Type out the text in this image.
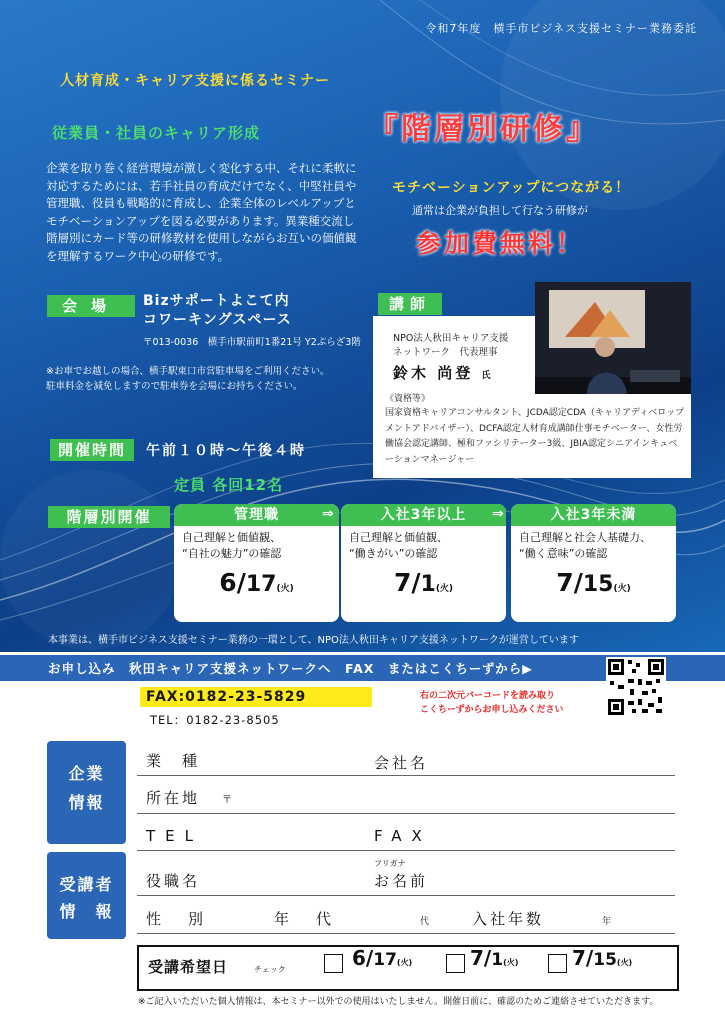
令和7年度　横手市ビジネス支援セミナー業務委託
人材育成・キャリア支援に係るセミナー
従業員・社員のキャリア形成	『階層別研修』
企業を取り巻く経営環境が激しく変化する中、それに柔軟に対応するためには、若手社員の育成だけでなく、中堅社員や管理職、役員も戦略的に育成し、企業全体のレベルアップとモチベーションアップを図る必要があります。異業種交流し階層別にカード等の研修教材を使用しながらお互いの価値観を理解するワーク中心の研修です。
モチベーションアップにつながる！
通常は企業が負担して行なう研修が
参加費無料！
会場	Bizサポートよこて内
コワーキングスペース
〒013-0036　横手市駅前町1番21号 Y2ぷらざ3階
※お車でお越しの場合、横手駅東口市営駐車場をご利用ください。
駐車料金を減免しますので駐車券を会場にお持ちください。
講師
NPO法人秋田キャリア支援
ネットワーク　代表理事
鈴木 尚登 氏
《資格等》
国家資格キャリアコンサルタント、JCDA認定CDA（キャリアディベロップメントアドバイザー）、DCFA認定人材育成講師仕事モチベーター、女性労働協会認定講師、極和ファシリテーター3級、JBIA認定シニアインキュベーションマネージャー
開催時間	午前１０時～午後４時
定員 各回12名
階層別開催	管理職
自己理解と価値観、
“自社の魅力”の確認
6/17(火)
⇒	入社3年以上
自己理解と価値観、
“働きがい”の確認
7/1(火)
⇒	入社3年未満
自己理解と社会人基礎力、
“働く意味”の確認
7/15(火)
本事業は、横手市ビジネス支援セミナー業務の一環として、NPO法人秋田キャリア支援ネットワークが運営しています
お申し込み　秋田キャリア支援ネットワークへ　FAX　またはこくちーずから▶
FAX:0182-23-5829
TEL：0182-23-8505
右の二次元バーコードを読み取り
こくちーずからお申し込みください
企業
情報
受講者
情　報
業　種	会社名
所在地 〒
TEL	FAX
役職名
フリガナ
お名前
性　別	年　代	代	入社年数	年
受講希望日	チェック	6/17(火)	7/1(火)	7/15(火)
※ご記入いただいた個人情報は、本セミナー以外での使用はいたしません。開催日前に、確認のためご連絡させていただきます。
